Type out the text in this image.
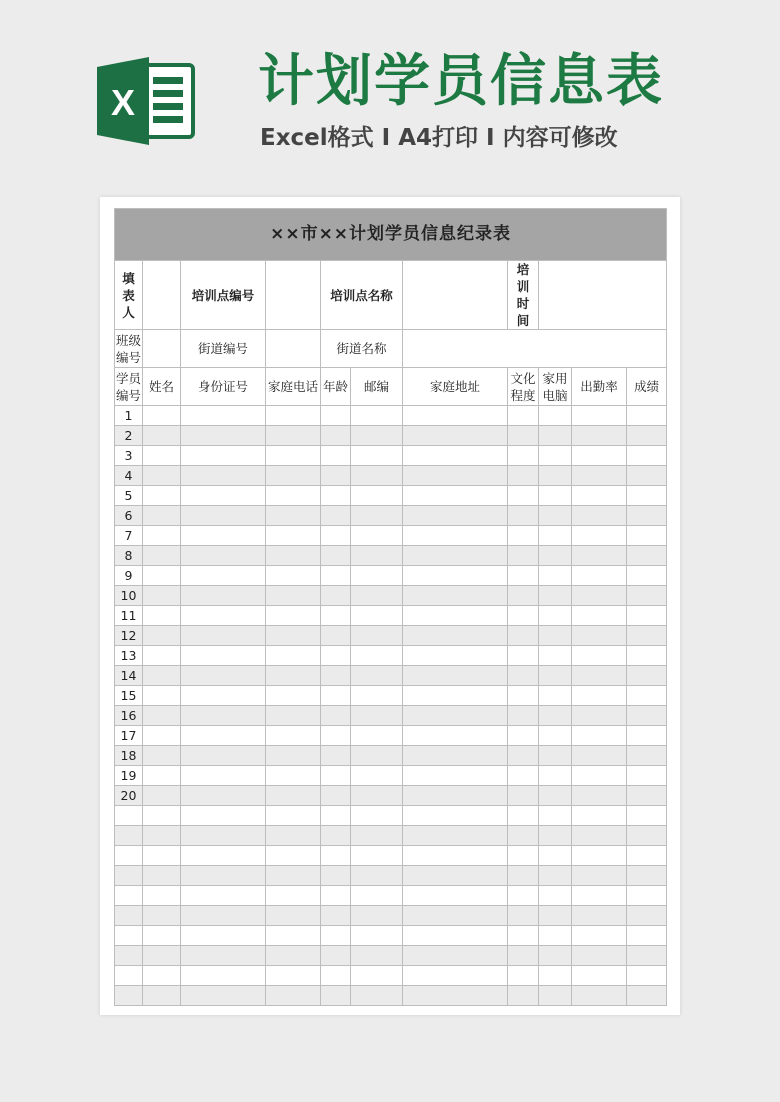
X 计划学员信息表
Excel格式 Ⅰ A4打印 Ⅰ 内容可修改
××市××计划学员信息纪录表										
填表人		培训点编号		培训点名称			培训时间			
班级编号		街道编号		街道名称						
学员编号	姓名	身份证号	家庭电话	年龄	邮编	家庭地址	文化程度	家用电脑	出勤率	成绩
1										
2										
3										
4										
5										
6										
7										
8										
9										
10										
11										
12										
13										
14										
15										
16										
17										
18										
19										
20										
